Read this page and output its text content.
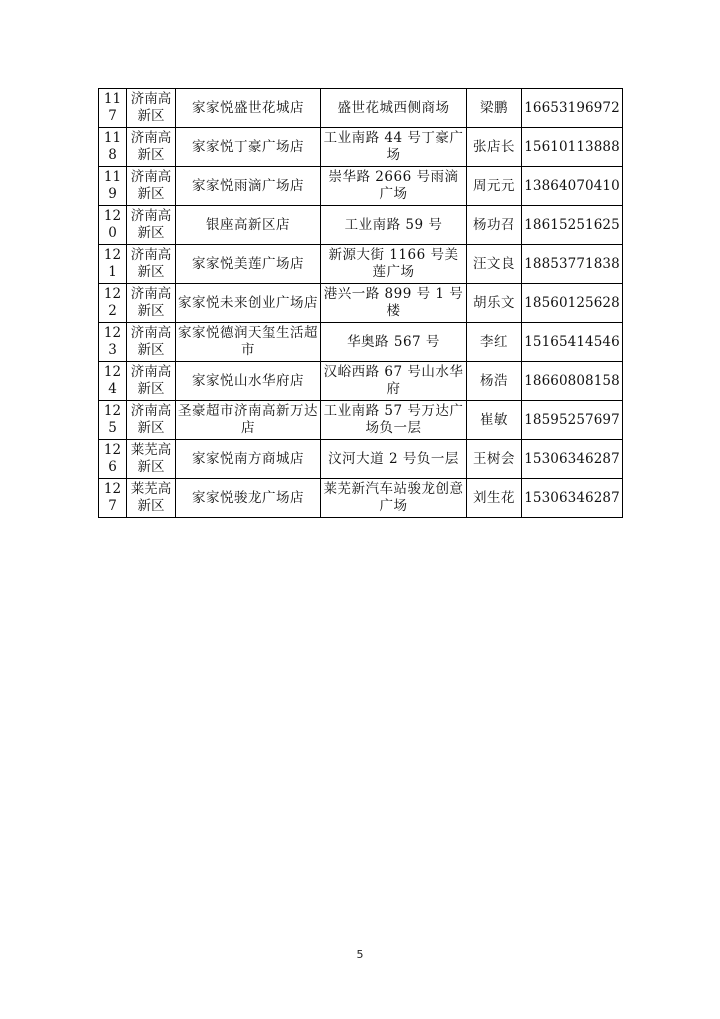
117	济南高新区	家家悦盛世花城店	盛世花城西侧商场	梁鹏	16653196972
118	济南高新区	家家悦丁豪广场店	工业南路 44 号丁豪广场	张店长	15610113888
119	济南高新区	家家悦雨滴广场店	崇华路 2666 号雨滴广场	周元元	13864070410
120	济南高新区	银座高新区店	工业南路 59 号	杨功召	18615251625
121	济南高新区	家家悦美莲广场店	新源大街 1166 号美莲广场	汪文良	18853771838
122	济南高新区	家家悦未来创业广场店	港兴一路 899 号 1 号楼	胡乐文	18560125628
123	济南高新区	家家悦德润天玺生活超市	华奥路 567 号	李红	15165414546
124	济南高新区	家家悦山水华府店	汉峪西路 67 号山水华府	杨浩	18660808158
125	济南高新区	圣豪超市济南高新万达店	工业南路 57 号万达广场负一层	崔敏	18595257697
126	莱芜高新区	家家悦南方商城店	汶河大道 2 号负一层	王树会	15306346287
127	莱芜高新区	家家悦骏龙广场店	莱芜新汽车站骏龙创意广场	刘生花	15306346287
5
